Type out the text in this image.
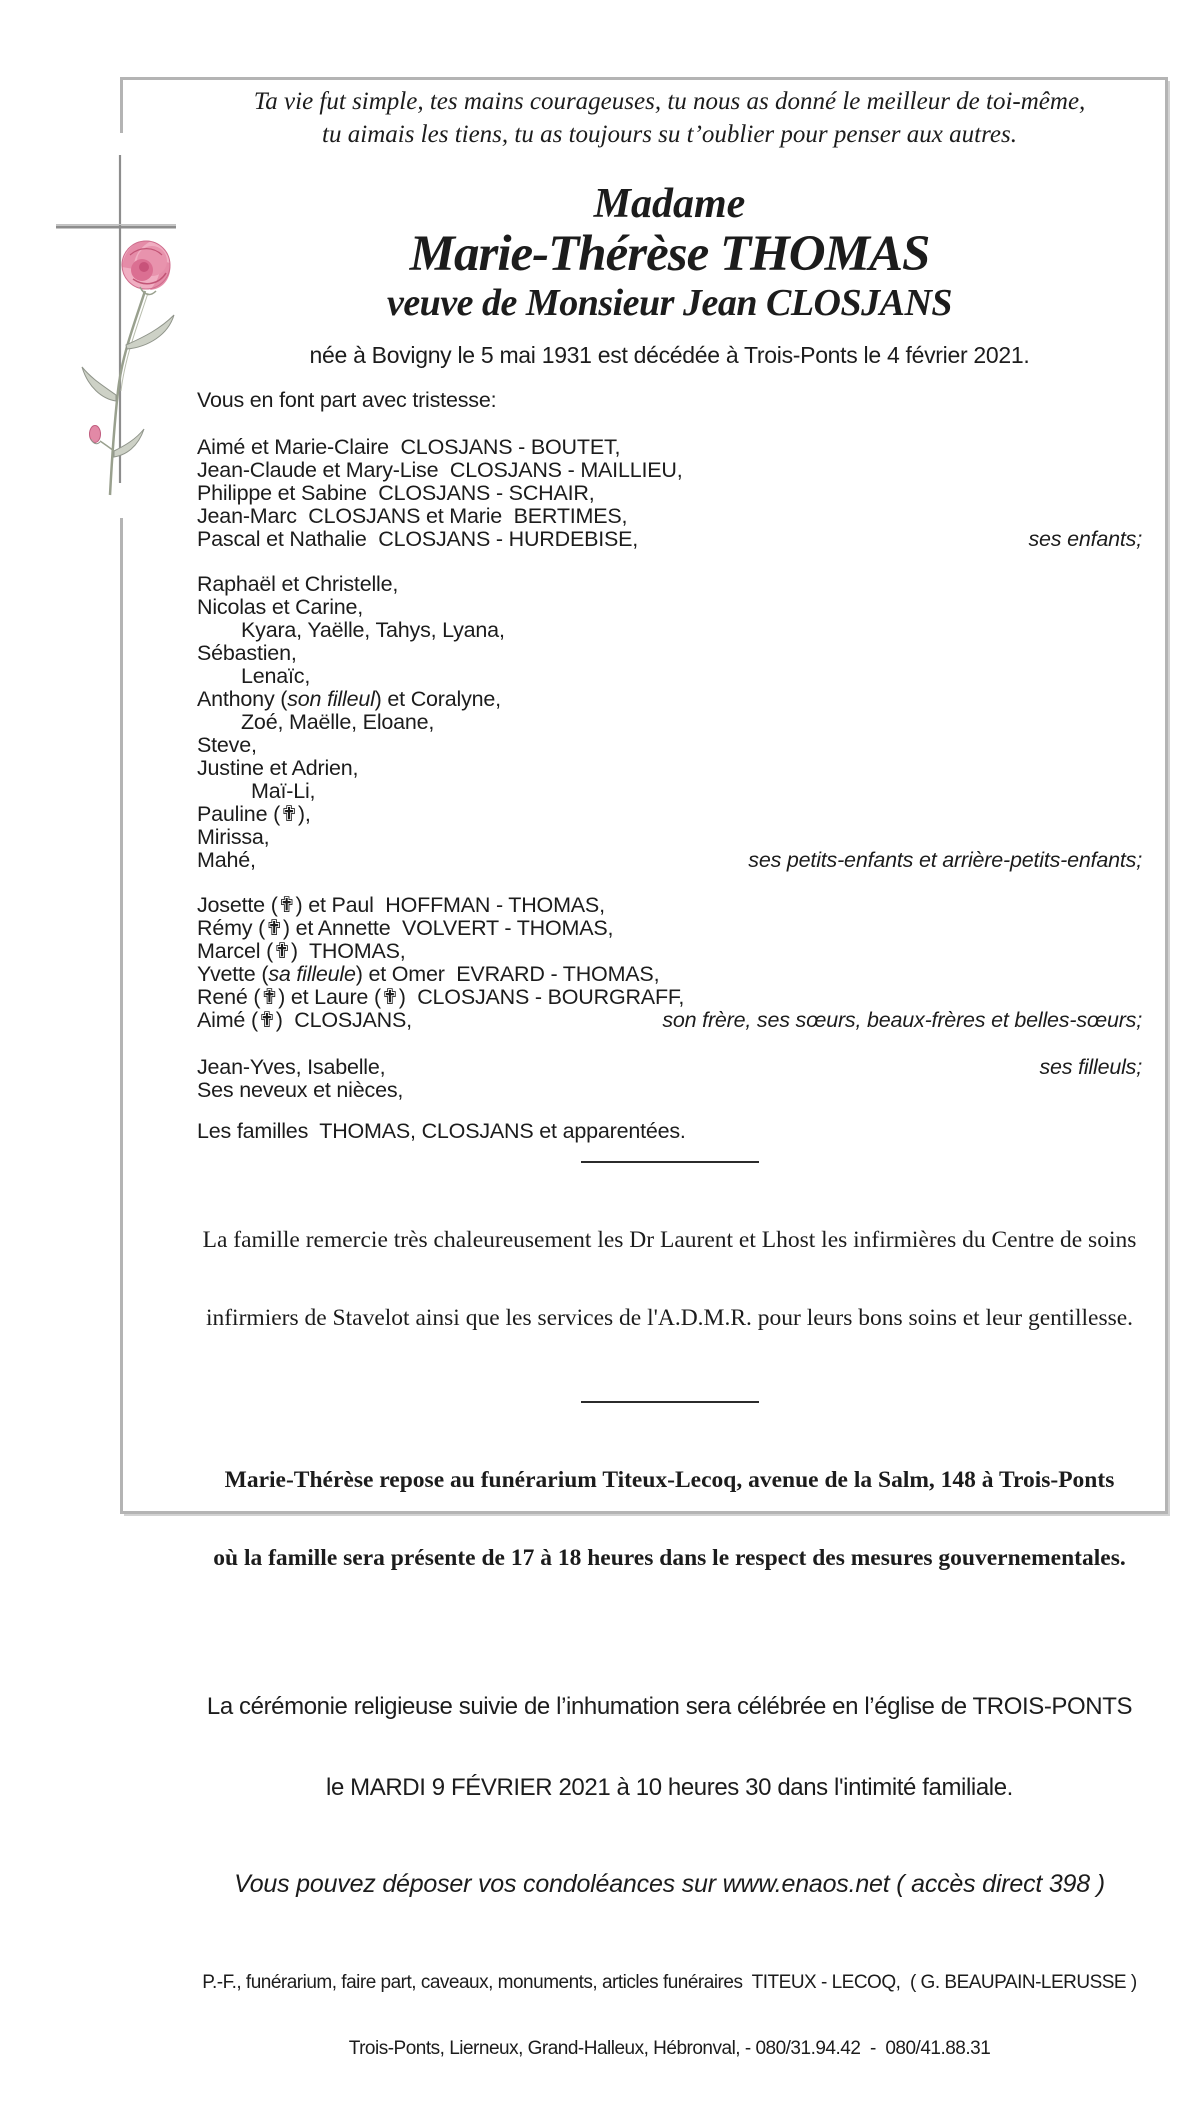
Ta vie fut simple, tes mains courageuses, tu nous as donné le meilleur de toi-même,
tu aimais les tiens, tu as toujours su t’oublier pour penser aux autres.
Madame
Marie-Thérèse THOMAS
veuve de Monsieur Jean CLOSJANS
née à Bovigny le 5 mai 1931 est décédée à Trois-Ponts le 4 février 2021.
Vous en font part avec tristesse:
Aimé et Marie-Claire  CLOSJANS - BOUTET,
Jean-Claude et Mary-Lise  CLOSJANS - MAILLIEU,
Philippe et Sabine  CLOSJANS - SCHAIR,
Jean-Marc  CLOSJANS et Marie  BERTIMES,
Pascal et Nathalie  CLOSJANS - HURDEBISE,	ses enfants;
Raphaël et Christelle,
Nicolas et Carine,
Kyara, Yaëlle, Tahys, Lyana,
Sébastien,
Lenaïc,
Anthony (son filleul) et Coralyne,
Zoé, Maëlle, Eloane,
Steve,
Justine et Adrien,
Maï-Li,
Pauline (✟),
Mirissa,
Mahé,	ses petits-enfants et arrière-petits-enfants;
Josette (✟) et Paul  HOFFMAN - THOMAS,
Rémy (✟) et Annette  VOLVERT - THOMAS,
Marcel (✟)  THOMAS,
Yvette (sa filleule) et Omer  EVRARD - THOMAS,
René (✟) et Laure (✟)  CLOSJANS - BOURGRAFF,
Aimé (✟)  CLOSJANS,	son frère, ses sœurs, beaux-frères et belles-sœurs;
Jean-Yves, Isabelle,	ses filleuls;
Ses neveux et nièces,
Les familles  THOMAS, CLOSJANS et apparentées.

La famille remercie très chaleureusement les Dr Laurent et Lhost les infirmières du Centre de soins

infirmiers de Stavelot ainsi que les services de l'A.D.M.R. pour leurs bons soins et leur gentillesse.

Marie-Thérèse repose au funérarium Titeux-Lecoq, avenue de la Salm, 148 à Trois-Ponts

où la famille sera présente de 17 à 18 heures dans le respect des mesures gouvernementales.

La cérémonie religieuse suivie de l’inhumation sera célébrée en l’église de TROIS-PONTS

le MARDI 9 FÉVRIER 2021 à 10 heures 30 dans l'intimité familiale.

Vous pouvez déposer vos condoléances sur www.enaos.net ( accès direct 398 )

P.-F., funérarium, faire part, caveaux, monuments, articles funéraires  TITEUX - LECOQ,  ( G. BEAUPAIN-LERUSSE )

Trois-Ponts, Lierneux, Grand-Halleux, Hébronval, - 080/31.94.42  -  080/41.88.31
